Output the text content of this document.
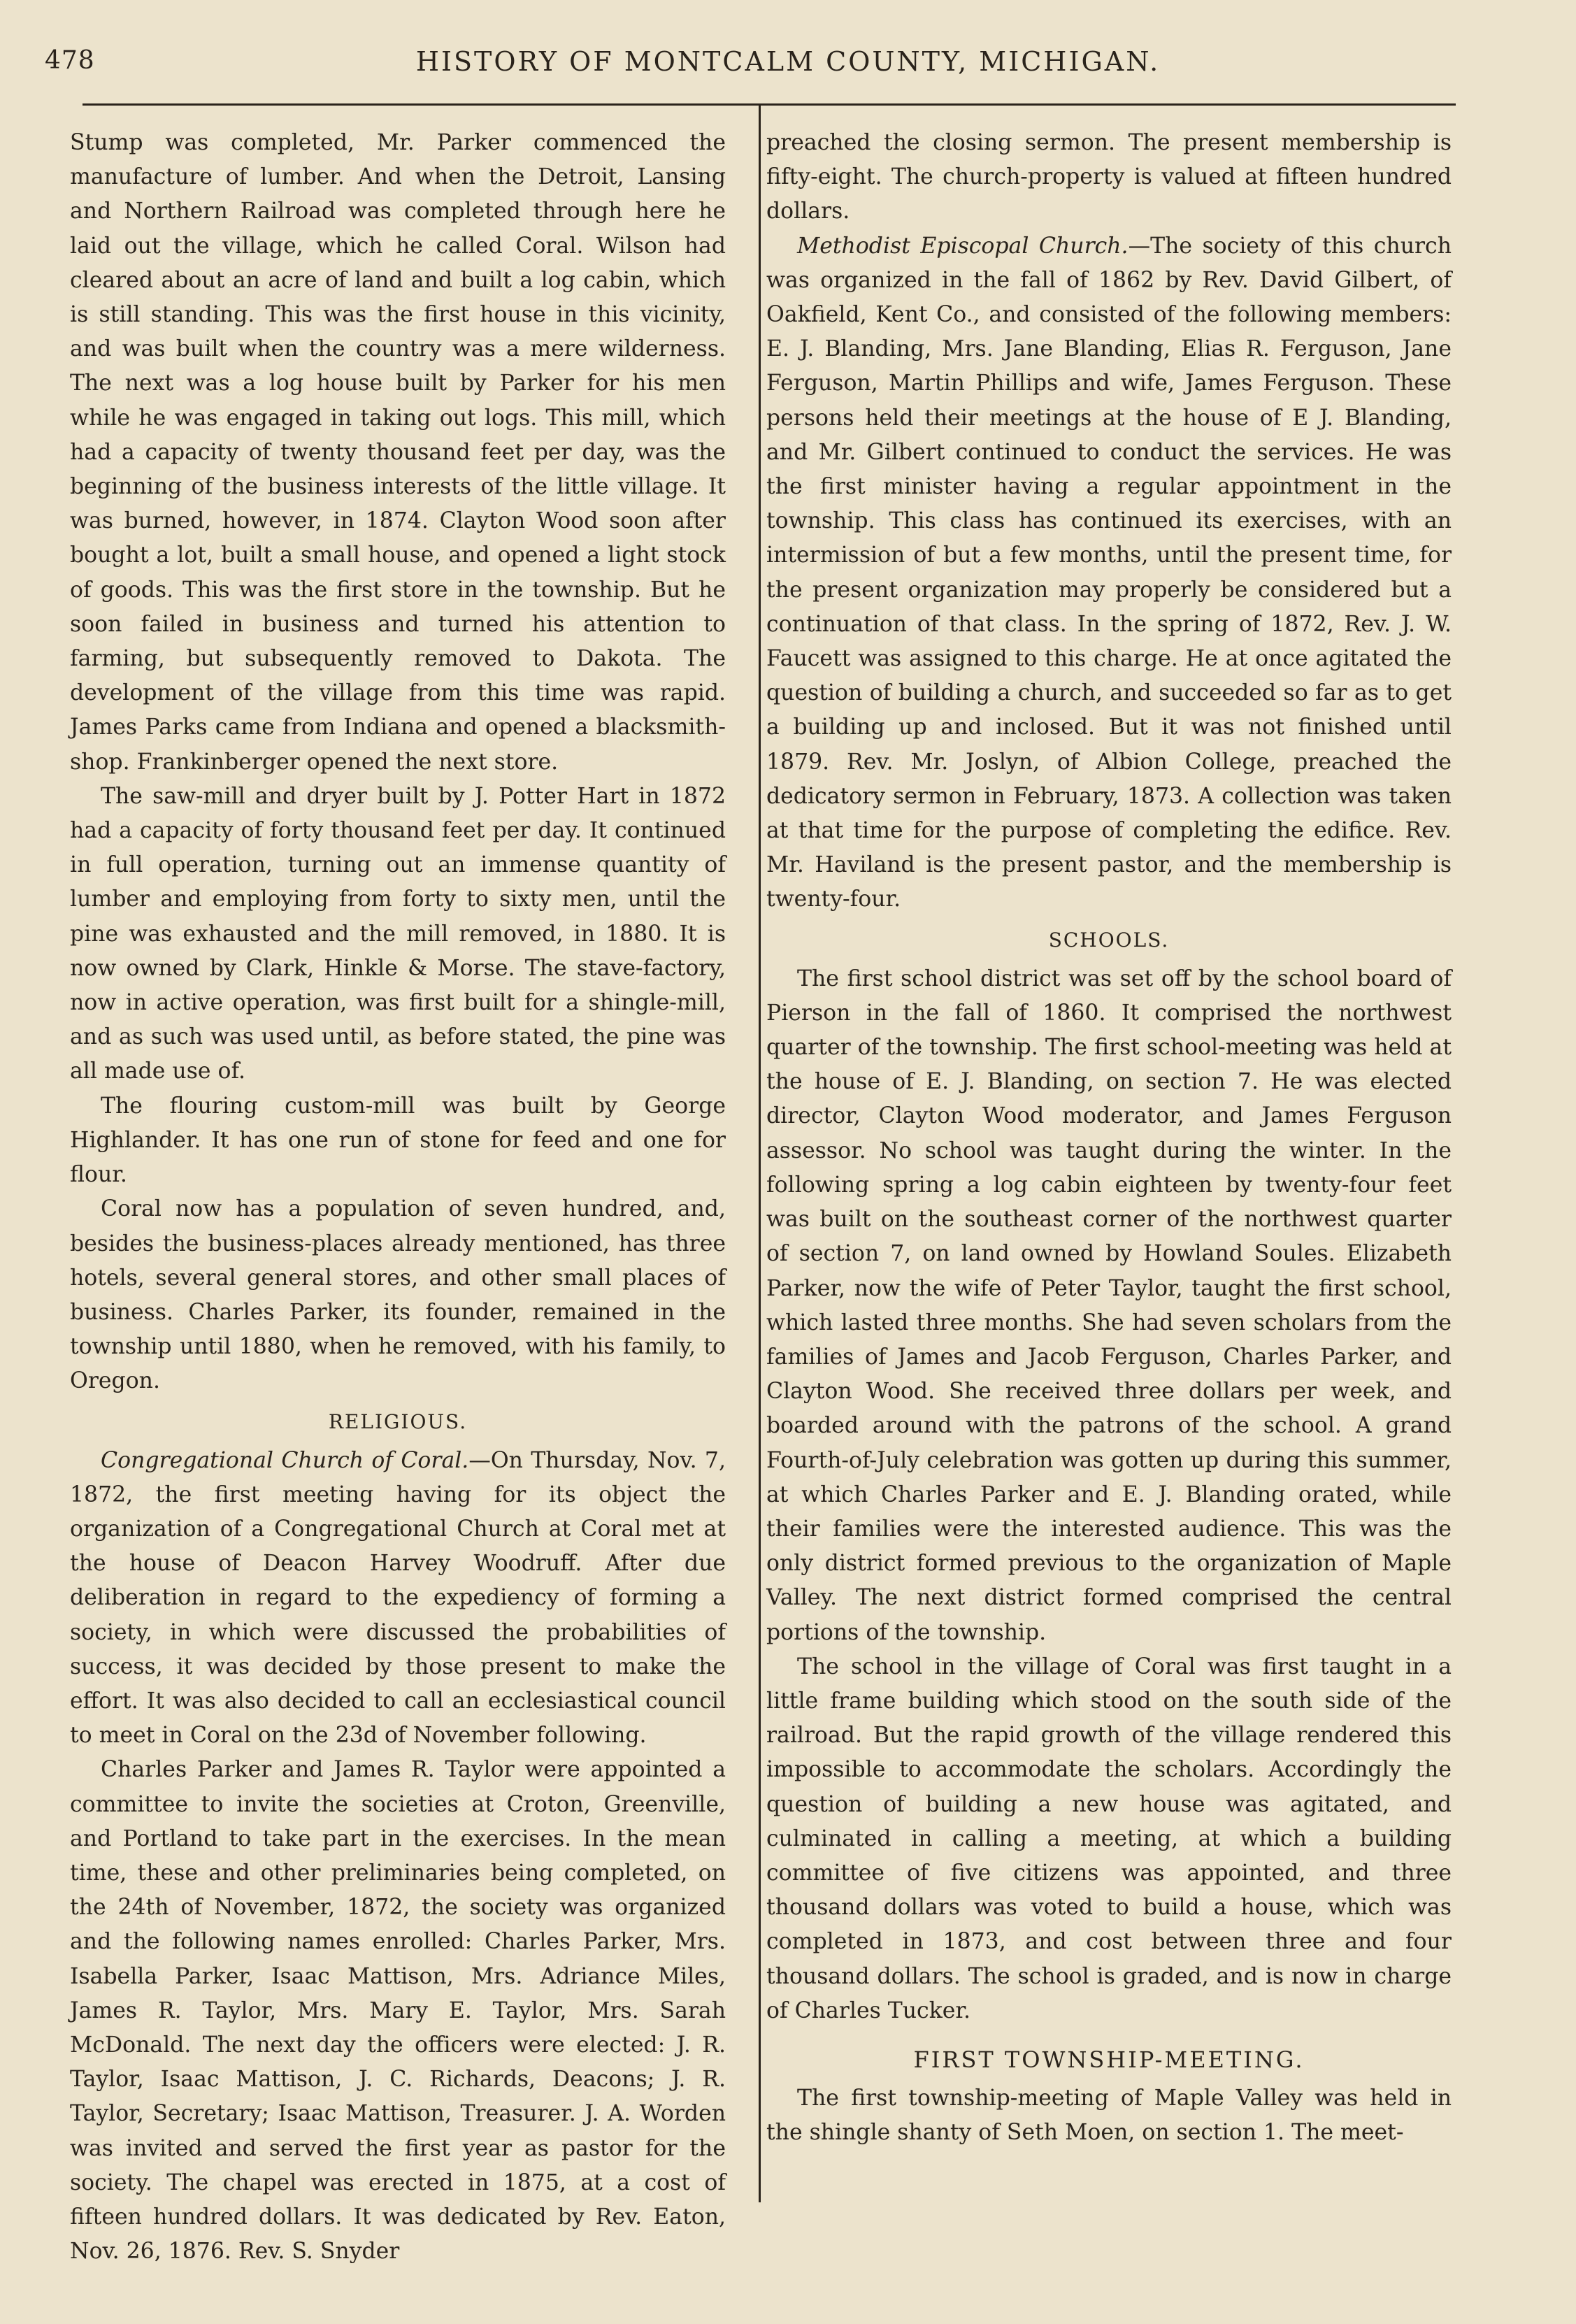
478	HISTORY OF MONTCALM COUNTY, MICHIGAN.

Stump was completed, Mr. Parker commenced the manufacture of lumber. And when the Detroit, Lansing and Northern Railroad was completed through here he laid out the village, which he called Coral. Wilson had cleared about an acre of land and built a log cabin, which is still standing. This was the first house in this vicinity, and was built when the country was a mere wilderness. The next was a log house built by Parker for his men while he was engaged in taking out logs. This mill, which had a capacity of twenty thousand feet per day, was the beginning of the business interests of the little village. It was burned, however, in 1874. Clayton Wood soon after bought a lot, built a small house, and opened a light stock of goods. This was the first store in the township. But he soon failed in business and turned his attention to farming, but subsequently removed to Dakota. The development of the village from this time was rapid. James Parks came from Indiana and opened a blacksmith-shop. Frankinberger opened the next store.

The saw-mill and dryer built by J. Potter Hart in 1872 had a capacity of forty thousand feet per day. It continued in full operation, turning out an immense quantity of lumber and employing from forty to sixty men, until the pine was exhausted and the mill removed, in 1880. It is now owned by Clark, Hinkle & Morse. The stave-factory, now in active operation, was first built for a shingle-mill, and as such was used until, as before stated, the pine was all made use of.

The flouring custom-mill was built by George Highlander. It has one run of stone for feed and one for flour.

Coral now has a population of seven hundred, and, besides the business-places already mentioned, has three hotels, several general stores, and other small places of business. Charles Parker, its founder, remained in the township until 1880, when he removed, with his family, to Oregon.

RELIGIOUS.

Congregational Church of Coral.—On Thursday, Nov. 7, 1872, the first meeting having for its object the organization of a Congregational Church at Coral met at the house of Deacon Harvey Woodruff. After due deliberation in regard to the expediency of forming a society, in which were discussed the probabilities of success, it was decided by those present to make the effort. It was also decided to call an ecclesiastical council to meet in Coral on the 23d of November following.

Charles Parker and James R. Taylor were appointed a committee to invite the societies at Croton, Greenville, and Portland to take part in the exercises. In the mean time, these and other preliminaries being completed, on the 24th of November, 1872, the society was organized and the following names enrolled: Charles Parker, Mrs. Isabella Parker, Isaac Mattison, Mrs. Adriance Miles, James R. Taylor, Mrs. Mary E. Taylor, Mrs. Sarah McDonald. The next day the officers were elected: J. R. Taylor, Isaac Mattison, J. C. Richards, Deacons; J. R. Taylor, Secretary; Isaac Mattison, Treasurer. J. A. Worden was invited and served the first year as pastor for the society. The chapel was erected in 1875, at a cost of fifteen hundred dollars. It was dedicated by Rev. Eaton, Nov. 26, 1876. Rev. S. Snyder

preached the closing sermon. The present membership is fifty-eight. The church-property is valued at fifteen hundred dollars.

Methodist Episcopal Church.—The society of this church was organized in the fall of 1862 by Rev. David Gilbert, of Oakfield, Kent Co., and consisted of the following members: E. J. Blanding, Mrs. Jane Blanding, Elias R. Ferguson, Jane Ferguson, Martin Phillips and wife, James Ferguson. These persons held their meetings at the house of E J. Blanding, and Mr. Gilbert continued to conduct the services. He was the first minister having a regular appointment in the township. This class has continued its exercises, with an intermission of but a few months, until the present time, for the present organization may properly be considered but a continuation of that class. In the spring of 1872, Rev. J. W. Faucett was assigned to this charge. He at once agitated the question of building a church, and succeeded so far as to get a building up and inclosed. But it was not finished until 1879. Rev. Mr. Joslyn, of Albion College, preached the dedicatory sermon in February, 1873. A collection was taken at that time for the purpose of completing the edifice. Rev. Mr. Haviland is the present pastor, and the membership is twenty-four.

SCHOOLS.

The first school district was set off by the school board of Pierson in the fall of 1860. It comprised the northwest quarter of the township. The first school-meeting was held at the house of E. J. Blanding, on section 7. He was elected director, Clayton Wood moderator, and James Ferguson assessor. No school was taught during the winter. In the following spring a log cabin eighteen by twenty-four feet was built on the southeast corner of the northwest quarter of section 7, on land owned by Howland Soules. Elizabeth Parker, now the wife of Peter Taylor, taught the first school, which lasted three months. She had seven scholars from the families of James and Jacob Ferguson, Charles Parker, and Clayton Wood. She received three dollars per week, and boarded around with the patrons of the school. A grand Fourth-of-July celebration was gotten up during this summer, at which Charles Parker and E. J. Blanding orated, while their families were the interested audience. This was the only district formed previous to the organization of Maple Valley. The next district formed comprised the central portions of the township.

The school in the village of Coral was first taught in a little frame building which stood on the south side of the railroad. But the rapid growth of the village rendered this impossible to accommodate the scholars. Accordingly the question of building a new house was agitated, and culminated in calling a meeting, at which a building committee of five citizens was appointed, and three thousand dollars was voted to build a house, which was completed in 1873, and cost between three and four thousand dollars. The school is graded, and is now in charge of Charles Tucker.

FIRST TOWNSHIP-MEETING.

The first township-meeting of Maple Valley was held in the shingle shanty of Seth Moen, on section 1. The meet-
